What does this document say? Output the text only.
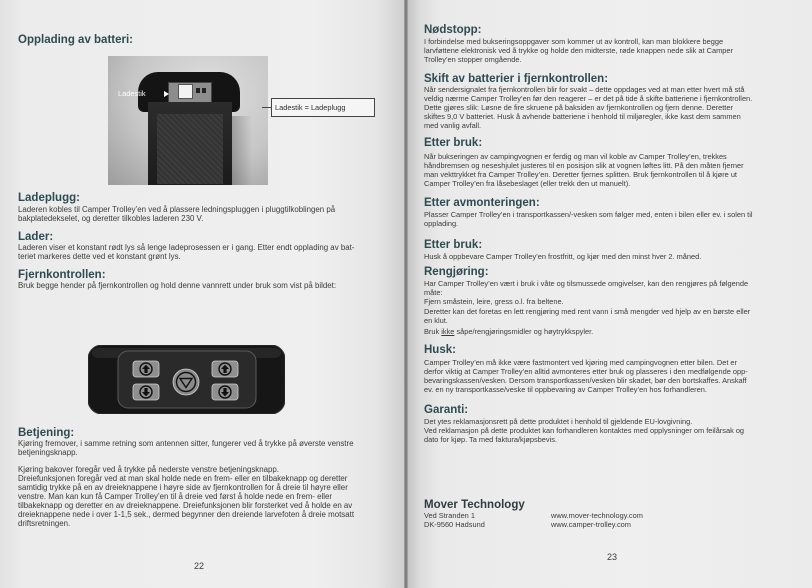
Opplading av batteri:
Ladestik
Ladestik = Ladeplugg
Ladeplugg:
Laderen kobles til Camper Trolley’en ved å plassere ledningspluggen i pluggtilkoblingen på
bakplatedekselet, og deretter tilkobles laderen 230 V.
Lader:
Laderen viser et konstant rødt lys så lenge ladeprosessen er i gang. Etter endt opplading av bat-
teriet markeres dette ved et konstant grønt lys.
Fjernkontrollen:
Bruk begge hender på fjernkontrollen og hold denne vannrett under bruk som vist på bildet:
Betjening:
Kjøring fremover, i samme retning som antennen sitter, fungerer ved å trykke på øverste venstre
betjeningsknapp.
Kjøring bakover foregår ved å trykke på nederste venstre betjeningsknapp.
Dreiefunksjonen foregår ved at man skal holde nede en frem- eller en tilbakeknapp og deretter
samtidig trykke på en av dreieknappene i høyre side av fjernkontrollen for å dreie til høyre eller
venstre. Man kan kun få Camper Trolley’en til å dreie ved først å holde nede en frem- eller
tilbakeknapp og deretter en av dreieknappene. Dreiefunksjonen blir forsterket ved å holde en av
dreieknappene nede i over 1-1,5 sek., dermed begynner den dreiende larvefoten å dreie motsatt
driftsretningen.
22
Nødstopp:
I forbindelse med bukseringsoppgaver som kommer ut av kontroll, kan man blokkere begge
larvføttene elektronisk ved å trykke og holde den midterste, røde knappen nede slik at Camper
Trolley’en stopper omgående.
Skift av batterier i fjernkontrollen:
Når sendersignalet fra fjernkontrollen blir for svakt – dette oppdages ved at man etter hvert må stå
veldig nærme Camper Trolley’en før den reagerer – er det på tide å skifte batteriene i fjernkontrollen.
Dette gjøres slik: Løsne de fire skruene på baksiden av fjernkontrollen og fjern denne. Deretter
skiftes 9,0 V batteriet. Husk å avhende batteriene i henhold til miljøregler, ikke kast dem sammen
med vanlig avfall.
Etter bruk:
Når bukseringen av campingvognen er ferdig og man vil koble av Camper Trolley’en, trekkes
håndbremsen og neseshjulet justeres til en posisjon slik at vognen løftes litt. På den måten fjerner
man vekttrykket fra Camper Trolley’en. Deretter fjernes splitten. Bruk fjernkontrollen til å kjøre ut
Camper Trolley’en fra låsebeslaget (eller trekk den ut manuelt).
Etter avmonteringen:
Plasser Camper Trolley’en i transportkassen/-vesken som følger med, enten i bilen eller ev. i solen til
opplading.
Etter bruk:
Husk å oppbevare Camper Trolley’en frostfritt, og kjør med den minst hver 2. måned.
Rengjøring:
Har Camper Trolley’en vært i bruk i våte og tilsmussede omgivelser, kan den rengjøres på følgende
måte:
Fjern småstein, leire, gress o.l. fra beltene.
Deretter kan det foretas en lett rengjøring med rent vann i små mengder ved hjelp av en børste eller
en klut.
Bruk ikke såpe/rengjøringsmidler og høytrykkspyler.
Husk:
Camper Trolley’en må ikke være fastmontert ved kjøring med campingvognen etter bilen. Det er
derfor viktig at Camper Trolley’en alltid avmonteres etter bruk og plasseres i den medfølgende opp-
bevaringskassen/vesken. Dersom transportkassen/vesken blir skadet, bør den bortskaffes. Anskaff
ev. en ny transportkasse/veske til oppbevaring av Camper Trolley’en hos forhandleren.
Garanti:
Det ytes reklamasjonsrett på dette produktet i henhold til gjeldende EU-lovgivning.
Ved reklamasjon på dette produktet kan forhandleren kontaktes med opplysninger om feilårsak og
dato for kjøp. Ta med faktura/kjøpsbevis.
Mover Technology
Ved Stranden 1
DK-9560 Hadsund
www.mover-technology.com
www.camper-trolley.com
23
